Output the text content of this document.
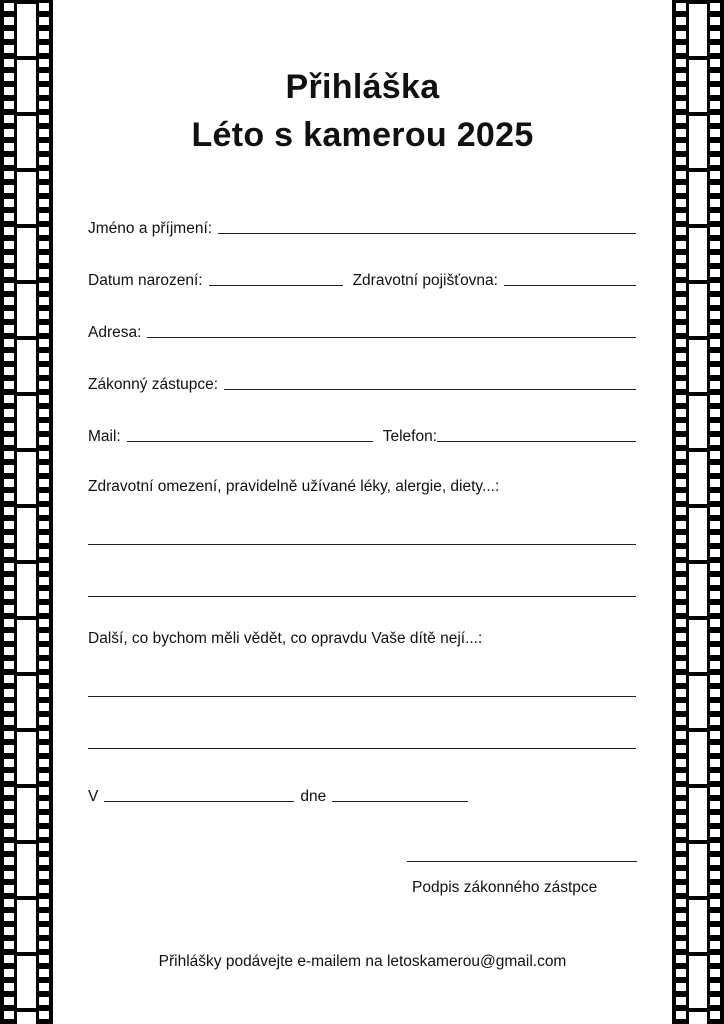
Přihláška
Léto s kamerou 2025
Jméno a příjmení:
Datum narození:	Zdravotní pojišťovna:
Adresa:
Zákonný zástupce:
Mail:	Telefon:
Zdravotní omezení, pravidelně užívané léky, alergie, diety...:
Další, co bychom měli vědět, co opravdu Vaše dítě nejí...:
V	dne
Podpis zákonného zástpce
Přihlášky podávejte e-mailem na letoskamerou@gmail.com
